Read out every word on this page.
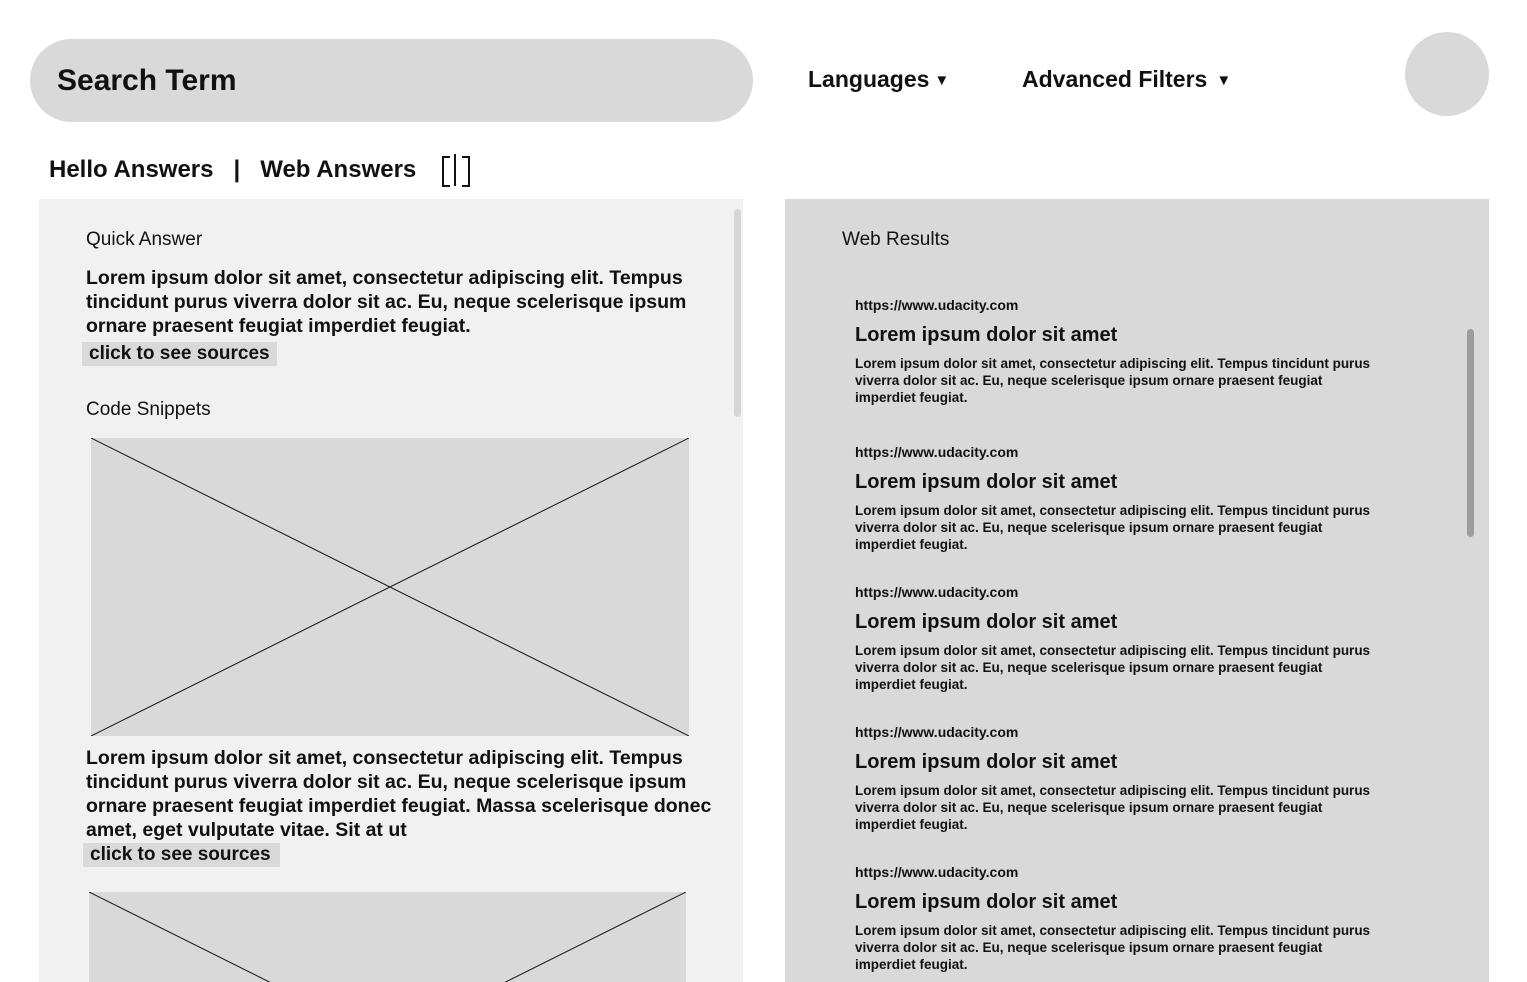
Search Term
Languages ▼	Advanced Filters ▼
Hello Answers | Web Answers
Quick Answer
Lorem ipsum dolor sit amet, consectetur adipiscing elit. Tempus tincidunt purus viverra dolor sit ac. Eu, neque scelerisque ipsum ornare praesent feugiat imperdiet feugiat.
click to see sources
Code Snippets
Lorem ipsum dolor sit amet, consectetur adipiscing elit. Tempus tincidunt purus viverra dolor sit ac. Eu, neque scelerisque ipsum ornare praesent feugiat imperdiet feugiat. Massa scelerisque donec amet, eget vulputate vitae. Sit at ut
click to see sources
Web Results
https://www.udacity.com
Lorem ipsum dolor sit amet
Lorem ipsum dolor sit amet, consectetur adipiscing elit. Tempus tincidunt purus viverra dolor sit ac. Eu, neque scelerisque ipsum ornare praesent feugiat imperdiet feugiat.
https://www.udacity.com
Lorem ipsum dolor sit amet
Lorem ipsum dolor sit amet, consectetur adipiscing elit. Tempus tincidunt purus viverra dolor sit ac. Eu, neque scelerisque ipsum ornare praesent feugiat imperdiet feugiat.
https://www.udacity.com
Lorem ipsum dolor sit amet
Lorem ipsum dolor sit amet, consectetur adipiscing elit. Tempus tincidunt purus viverra dolor sit ac. Eu, neque scelerisque ipsum ornare praesent feugiat imperdiet feugiat.
https://www.udacity.com
Lorem ipsum dolor sit amet
Lorem ipsum dolor sit amet, consectetur adipiscing elit. Tempus tincidunt purus viverra dolor sit ac. Eu, neque scelerisque ipsum ornare praesent feugiat imperdiet feugiat.
https://www.udacity.com
Lorem ipsum dolor sit amet
Lorem ipsum dolor sit amet, consectetur adipiscing elit. Tempus tincidunt purus viverra dolor sit ac. Eu, neque scelerisque ipsum ornare praesent feugiat imperdiet feugiat.
